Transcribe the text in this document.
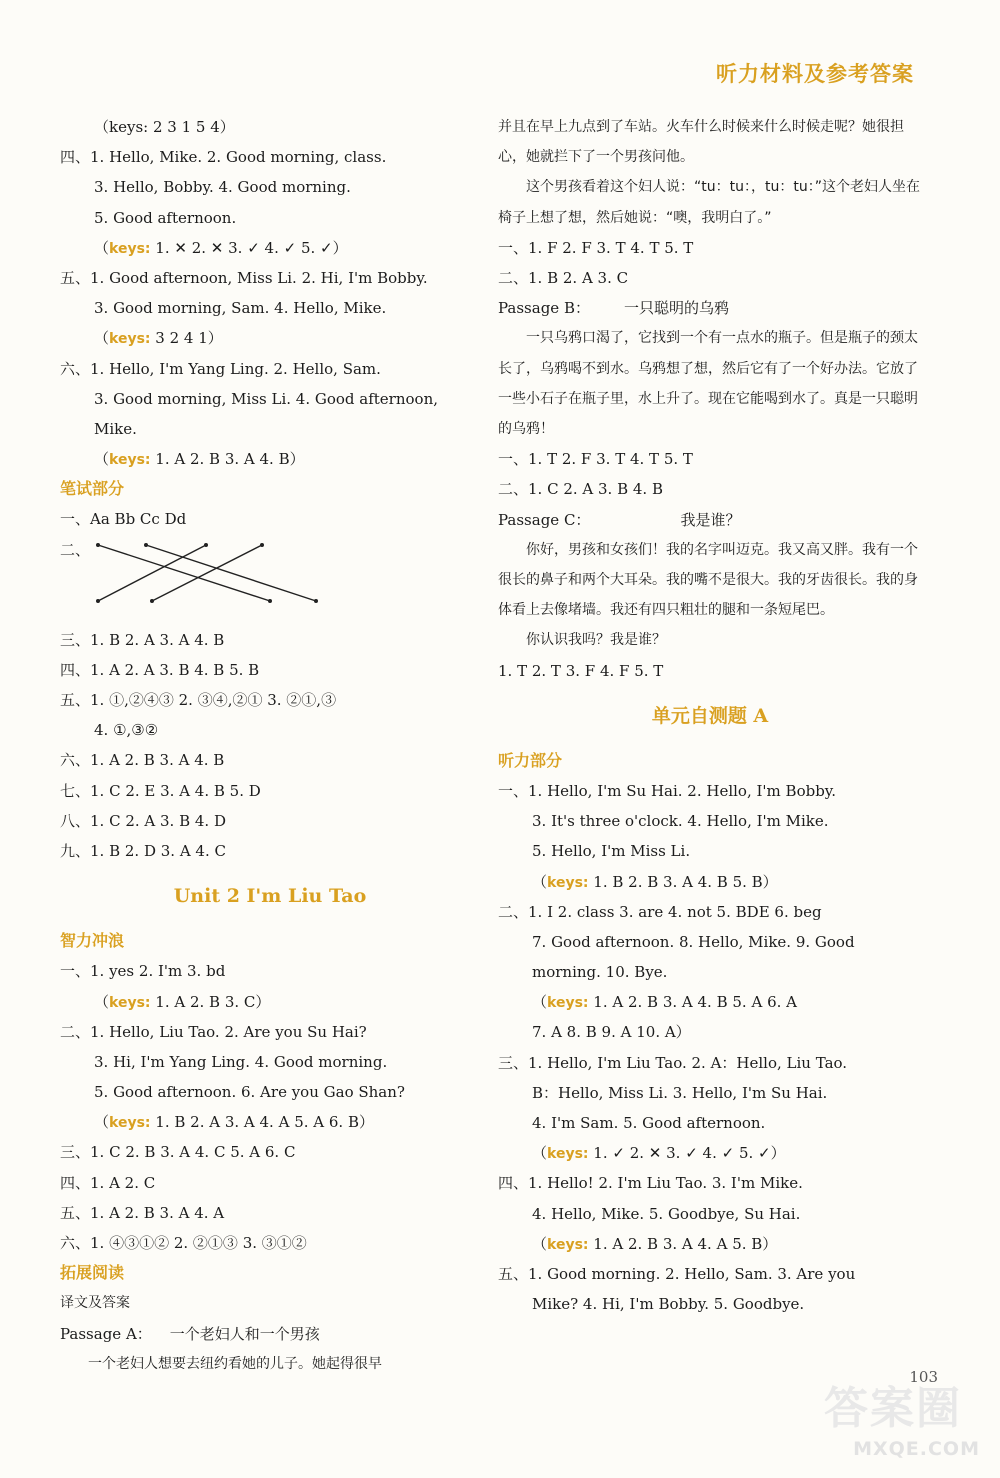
听力材料及参考答案
（keys: 2 3 1 5 4）
四、1. Hello, Mike. 2. Good morning, class.
3. Hello, Bobby. 4. Good morning.
5. Good afternoon.
（keys: 1. ✕ 2. ✕ 3. ✓ 4. ✓ 5. ✓）
五、1. Good afternoon, Miss Li. 2. Hi, I'm Bobby.
3. Good morning, Sam. 4. Hello, Mike.
（keys: 3 2 4 1）
六、1. Hello, I'm Yang Ling. 2. Hello, Sam.
3. Good morning, Miss Li. 4. Good afternoon,
Mike.
（keys: 1. A 2. B 3. A 4. B）
笔试部分
一、Aa Bb Cc Dd
二、
三、1. B 2. A 3. A 4. B
四、1. A 2. A 3. B 4. B 5. B
五、1. ①,②④③ 2. ③④,②① 3. ②①,③
4. ①,③②
六、1. A 2. B 3. A 4. B
七、1. C 2. E 3. A 4. B 5. D
八、1. C 2. A 3. B 4. D
九、1. B 2. D 3. A 4. C
Unit 2 I'm Liu Tao
智力冲浪
一、1. yes 2. I'm 3. bd
（keys: 1. A 2. B 3. C）
二、1. Hello, Liu Tao. 2. Are you Su Hai?
3. Hi, I'm Yang Ling. 4. Good morning.
5. Good afternoon. 6. Are you Gao Shan?
（keys: 1. B 2. A 3. A 4. A 5. A 6. B）
三、1. C 2. B 3. A 4. C 5. A 6. C
四、1. A 2. C
五、1. A 2. B 3. A 4. A
六、1. ④③①② 2. ②①③ 3. ③①②
拓展阅读
译文及答案
Passage A： 一个老妇人和一个男孩
一个老妇人想要去纽约看她的儿子。她起得很早
并且在早上九点到了车站。火车什么时候来什么时候走呢？她很担心，她就拦下了一个男孩问他。
这个男孩看着这个妇人说：“tu：tu：，tu：tu：”这个老妇人坐在椅子上想了想，然后她说：“噢，我明白了。”
一、1. F 2. F 3. T 4. T 5. T
二、1. B 2. A 3. C
Passage B： 一只聪明的乌鸦
一只乌鸦口渴了，它找到一个有一点水的瓶子。但是瓶子的颈太长了，乌鸦喝不到水。乌鸦想了想，然后它有了一个好办法。它放了一些小石子在瓶子里，水上升了。现在它能喝到水了。真是一只聪明的乌鸦！
一、1. T 2. F 3. T 4. T 5. T
二、1. C 2. A 3. B 4. B
Passage C：	我是谁？
你好，男孩和女孩们！我的名字叫迈克。我又高又胖。我有一个很长的鼻子和两个大耳朵。我的嘴不是很大。我的牙齿很长。我的身体看上去像堵墙。我还有四只粗壮的腿和一条短尾巴。
你认识我吗？我是谁？
1. T 2. T 3. F 4. F 5. T
单元自测题 A
听力部分
一、1. Hello, I'm Su Hai. 2. Hello, I'm Bobby.
3. It's three o'clock. 4. Hello, I'm Mike.
5. Hello, I'm Miss Li.
（keys: 1. B 2. B 3. A 4. B 5. B）
二、1. I 2. class 3. are 4. not 5. BDE 6. beg
7. Good afternoon. 8. Hello, Mike. 9. Good
morning. 10. Bye.
（keys: 1. A 2. B 3. A 4. B 5. A 6. A
7. A 8. B 9. A 10. A）
三、1. Hello, I'm Liu Tao. 2. A：Hello, Liu Tao.
B：Hello, Miss Li. 3. Hello, I'm Su Hai.
4. I'm Sam. 5. Good afternoon.
（keys: 1. ✓ 2. ✕ 3. ✓ 4. ✓ 5. ✓）
四、1. Hello! 2. I'm Liu Tao. 3. I'm Mike.
4. Hello, Mike. 5. Goodbye, Su Hai.
（keys: 1. A 2. B 3. A 4. A 5. B）
五、1. Good morning. 2. Hello, Sam. 3. Are you
Mike? 4. Hi, I'm Bobby. 5. Goodbye.
103
答案圈
MXQE.COM
